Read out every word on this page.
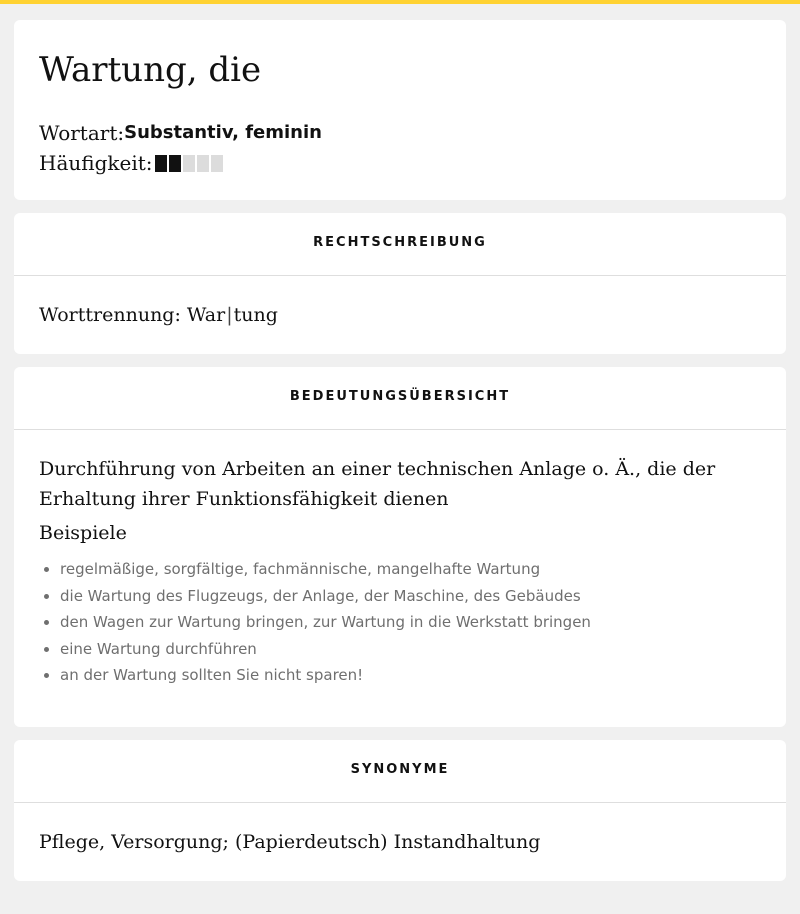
Wartung, die
Wortart: Substantiv, feminin
Häufigkeit:
RECHTSCHREIBUNG
Worttrennung: War|tung
BEDEUTUNGSÜBERSICHT

Durchführung von Arbeiten an einer technischen Anlage o. Ä., die der Erhaltung ihrer Funktionsfähigkeit dienen

Beispiele
• regelmäßige, sorgfältige, fachmännische, mangelhafte Wartung
• die Wartung des Flugzeugs, der Anlage, der Maschine, des Gebäudes
• den Wagen zur Wartung bringen, zur Wartung in die Werkstatt bringen
• eine Wartung durchführen
• an der Wartung sollten Sie nicht sparen!
SYNONYME
Pflege, Versorgung; (Papierdeutsch) Instandhaltung
